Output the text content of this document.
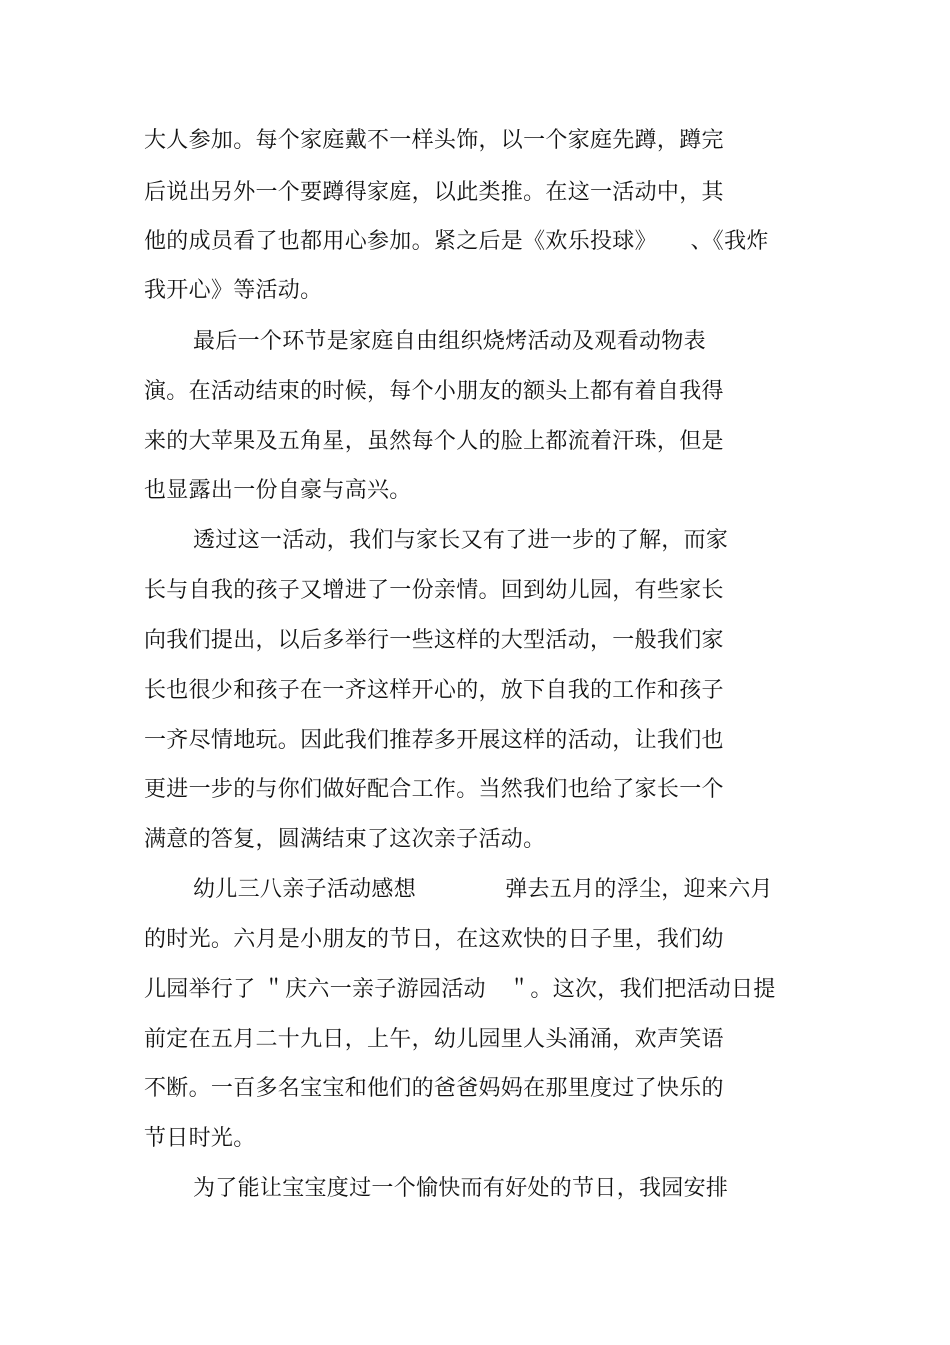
大人参加。每个家庭戴不一样头饰，以一个家庭先蹲，蹲完
后说出另外一个要蹲得家庭，以此类推。在这一活动中，其
他的成员看了也都用心参加。紧之后是《欢乐投球》　　、《我炸
我开心》等活动。
最后一个环节是家庭自由组织烧烤活动及观看动物表
演。在活动结束的时候，每个小朋友的额头上都有着自我得
来的大苹果及五角星，虽然每个人的脸上都流着汗珠，但是
也显露出一份自豪与高兴。
透过这一活动，我们与家长又有了进一步的了解，而家
长与自我的孩子又增进了一份亲情。回到幼儿园，有些家长
向我们提出，以后多举行一些这样的大型活动，一般我们家
长也很少和孩子在一齐这样开心的，放下自我的工作和孩子
一齐尽情地玩。因此我们推荐多开展这样的活动，让我们也
更进一步的与你们做好配合工作。当然我们也给了家长一个
满意的答复，圆满结束了这次亲子活动。
幼儿三八亲子活动感想　　　　弹去五月的浮尘，迎来六月
的时光。六月是小朋友的节日，在这欢快的日子里，我们幼
儿园举行了 ＂庆六一亲子游园活动　＂。这次，我们把活动日提
前定在五月二十九日，上午，幼儿园里人头涌涌，欢声笑语
不断。一百多名宝宝和他们的爸爸妈妈在那里度过了快乐的
节日时光。
为了能让宝宝度过一个愉快而有好处的节日，我园安排
